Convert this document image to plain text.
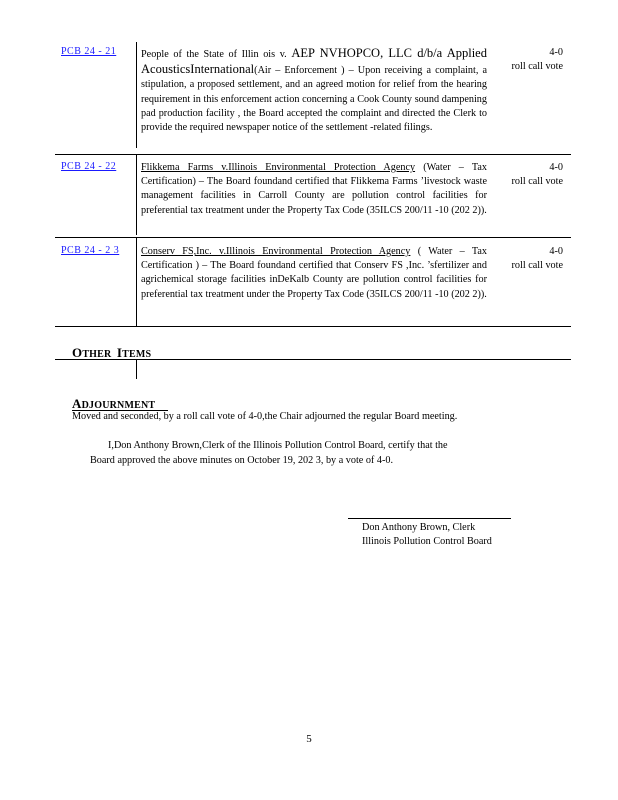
PCB 24 - 21 People of the State of Illin ois v. AEP NVHOPCO, LLC d/b/a Applied AcousticsInternational(Air – Enforcement ) – Upon receiving a complaint, a stipulation, a proposed settlement, and an agreed motion for relief from the hearing requirement in this enforcement action concerning a Cook County sound dampening pad production facility , the Board accepted the complaint and directed the Clerk to provide the required newspaper notice of the settlement -related filings.
4-0
roll call vote
PCB 24 - 22 Flikkema Farms v.Illinois Environmental Protection Agency (Water – Tax Certification) – The Board foundand certified that Flikkema Farms ’livestock waste management facilities in Carroll County are pollution control facilities for preferential tax treatment under the Property Tax Code (35ILCS 200/11 -10 (202 2)).
4-0
roll call vote
PCB 24 - 2 3 Conserv FS,Inc. v.Illinois Environmental Protection Agency ( Water – Tax Certification ) – The Board foundand certified that Conserv FS ,Inc. ’sfertilizer and agrichemical storage facilities inDeKalb County are pollution control facilities for preferential tax treatment under the Property Tax Code (35ILCS 200/11 -10 (202 2)).
4-0
roll call vote
OTHER ITEMS
ADJOURNMENT
Moved and seconded, by a roll call vote of 4-0,the Chair adjourned the regular Board meeting.
I,Don Anthony Brown,Clerk of the Illinois Pollution Control Board, certify that the
Board approved the above minutes on October 19, 202 3, by a vote of 4-0.
Don Anthony Brown, Clerk
Illinois Pollution Control Board
5
